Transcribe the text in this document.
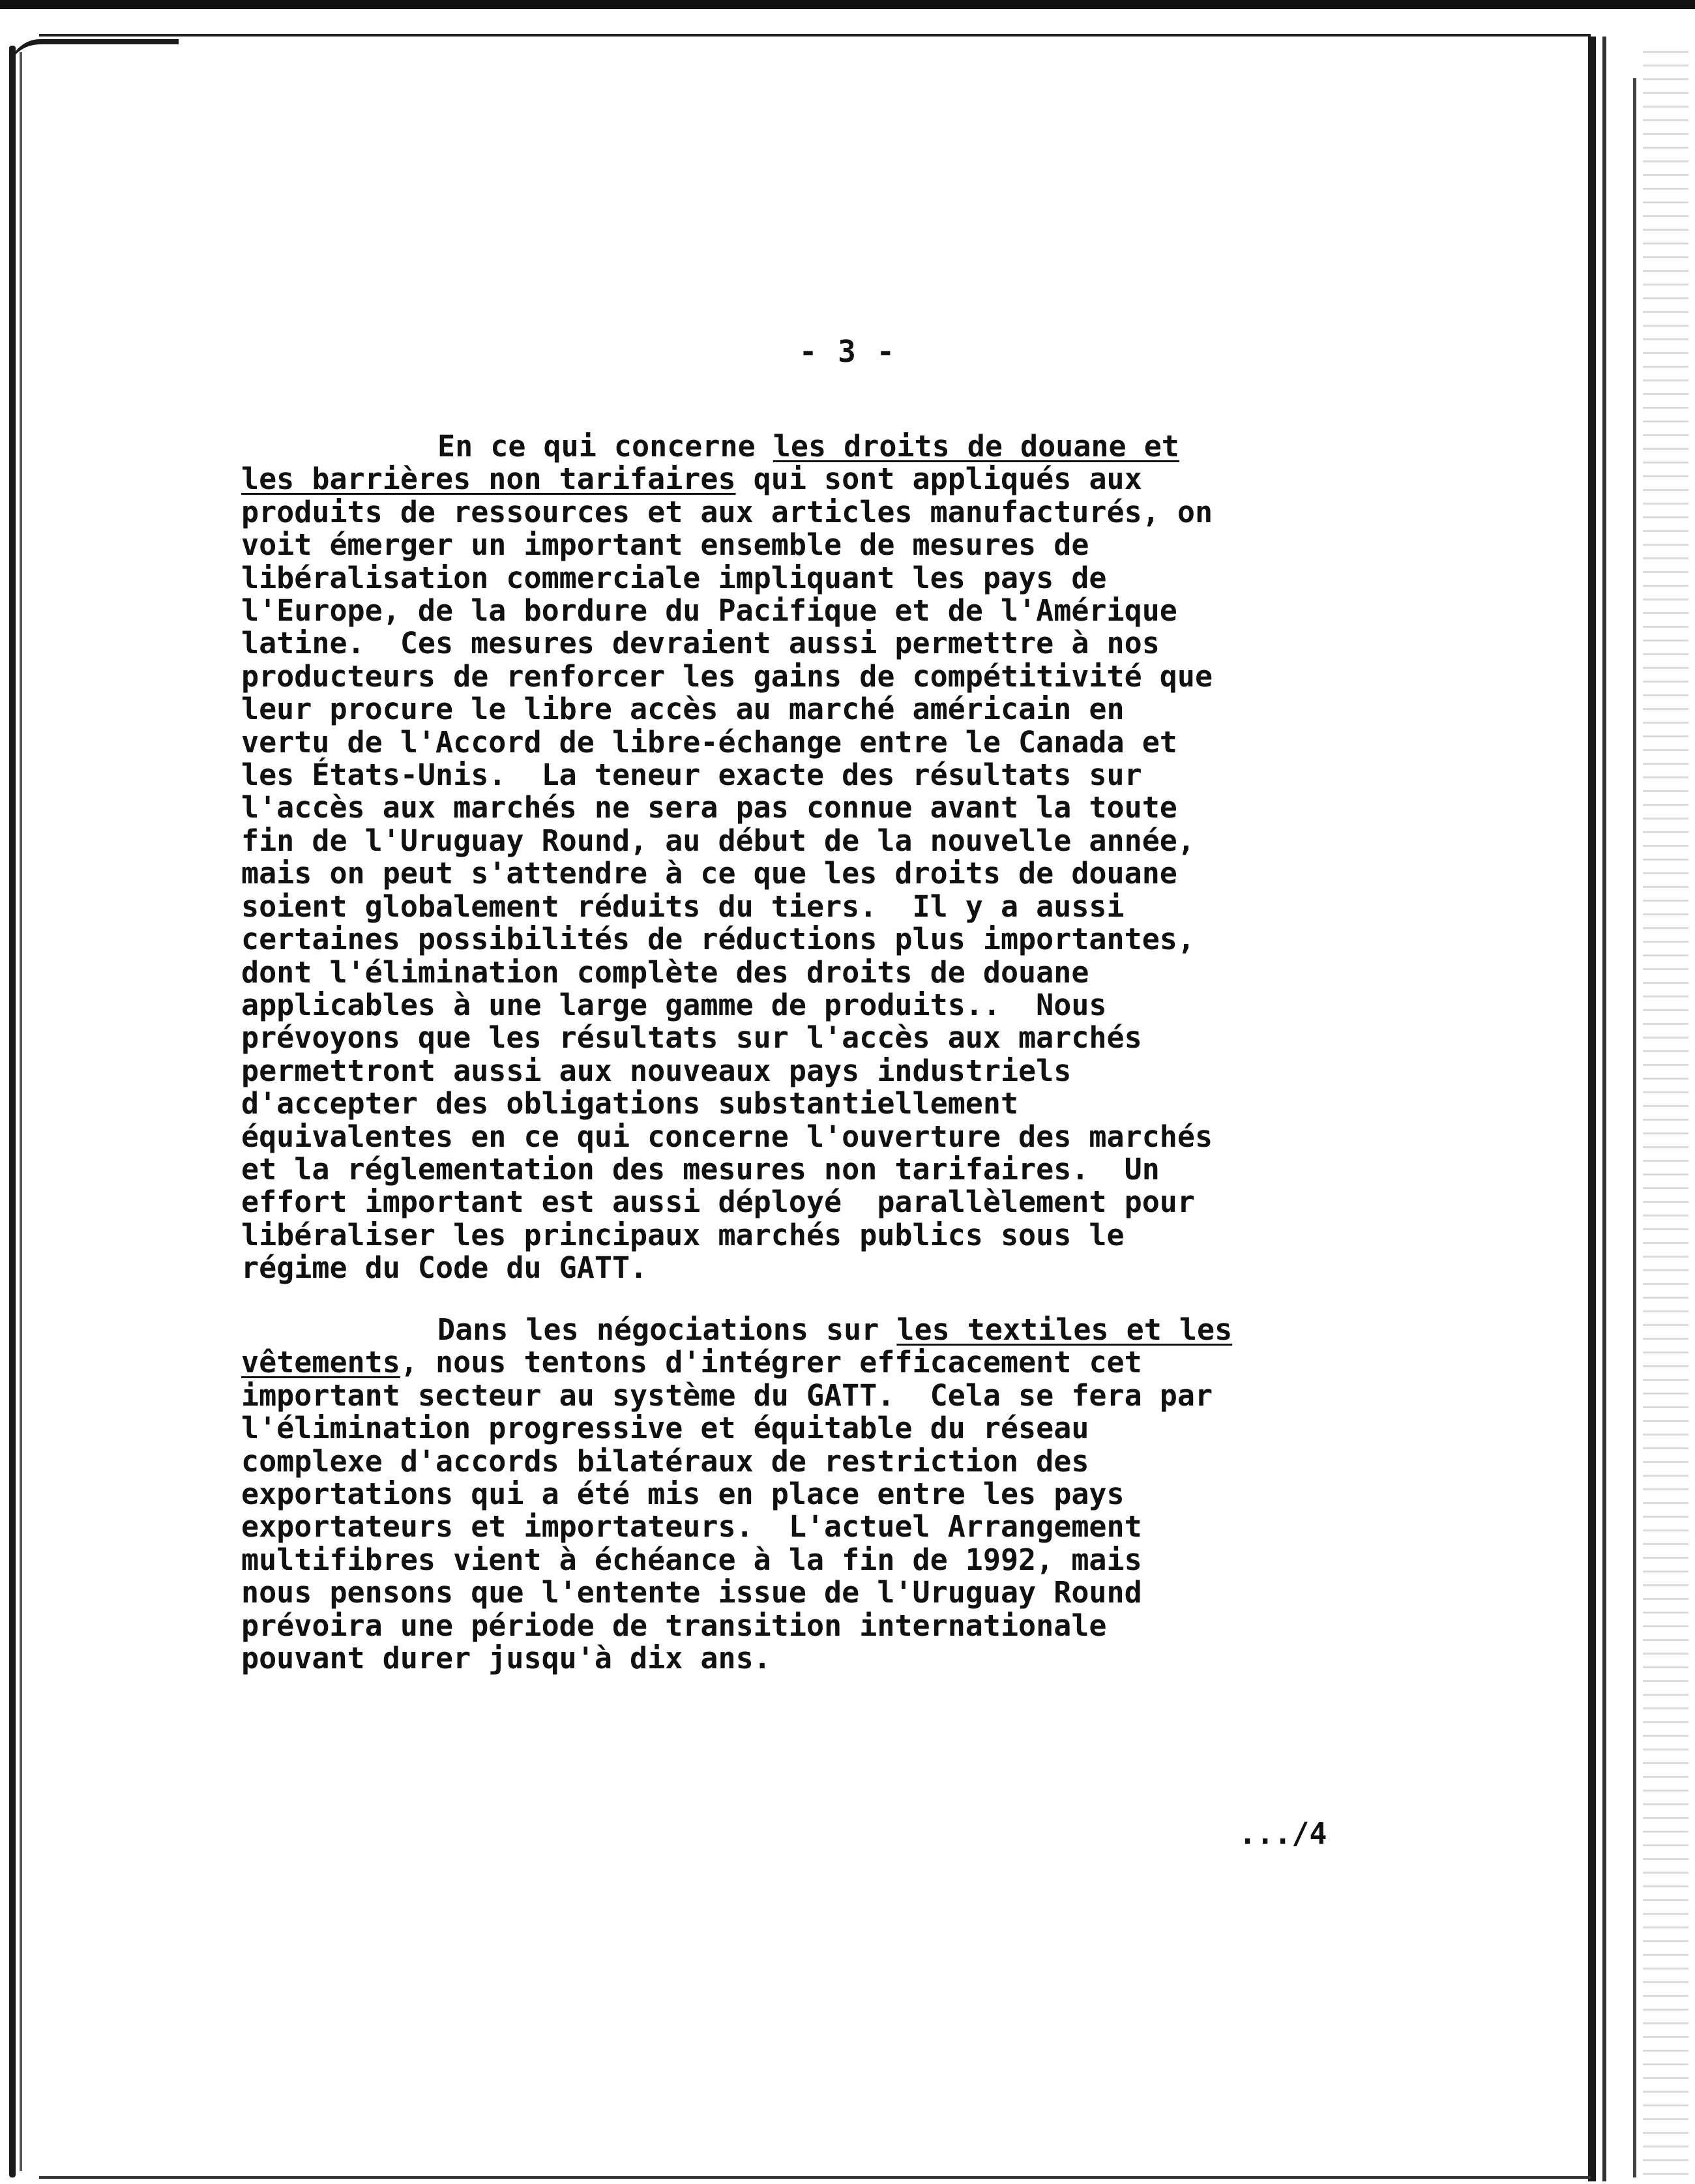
- 3 -
En ce qui concerne les droits de douane et
les barrières non tarifaires qui sont appliqués aux
produits de ressources et aux articles manufacturés, on
voit émerger un important ensemble de mesures de
libéralisation commerciale impliquant les pays de
l'Europe, de la bordure du Pacifique et de l'Amérique
latine.  Ces mesures devraient aussi permettre à nos
producteurs de renforcer les gains de compétitivité que
leur procure le libre accès au marché américain en
vertu de l'Accord de libre-échange entre le Canada et
les États-Unis.  La teneur exacte des résultats sur
l'accès aux marchés ne sera pas connue avant la toute
fin de l'Uruguay Round, au début de la nouvelle année,
mais on peut s'attendre à ce que les droits de douane
soient globalement réduits du tiers.  Il y a aussi
certaines possibilités de réductions plus importantes,
dont l'élimination complète des droits de douane
applicables à une large gamme de produits..  Nous
prévoyons que les résultats sur l'accès aux marchés
permettront aussi aux nouveaux pays industriels
d'accepter des obligations substantiellement
équivalentes en ce qui concerne l'ouverture des marchés
et la réglementation des mesures non tarifaires.  Un
effort important est aussi déployé  parallèlement pour
libéraliser les principaux marchés publics sous le
régime du Code du GATT.
Dans les négociations sur les textiles et les
vêtements, nous tentons d'intégrer efficacement cet
important secteur au système du GATT.  Cela se fera par
l'élimination progressive et équitable du réseau
complexe d'accords bilatéraux de restriction des
exportations qui a été mis en place entre les pays
exportateurs et importateurs.  L'actuel Arrangement
multifibres vient à échéance à la fin de 1992, mais
nous pensons que l'entente issue de l'Uruguay Round
prévoira une période de transition internationale
pouvant durer jusqu'à dix ans.
.../4
